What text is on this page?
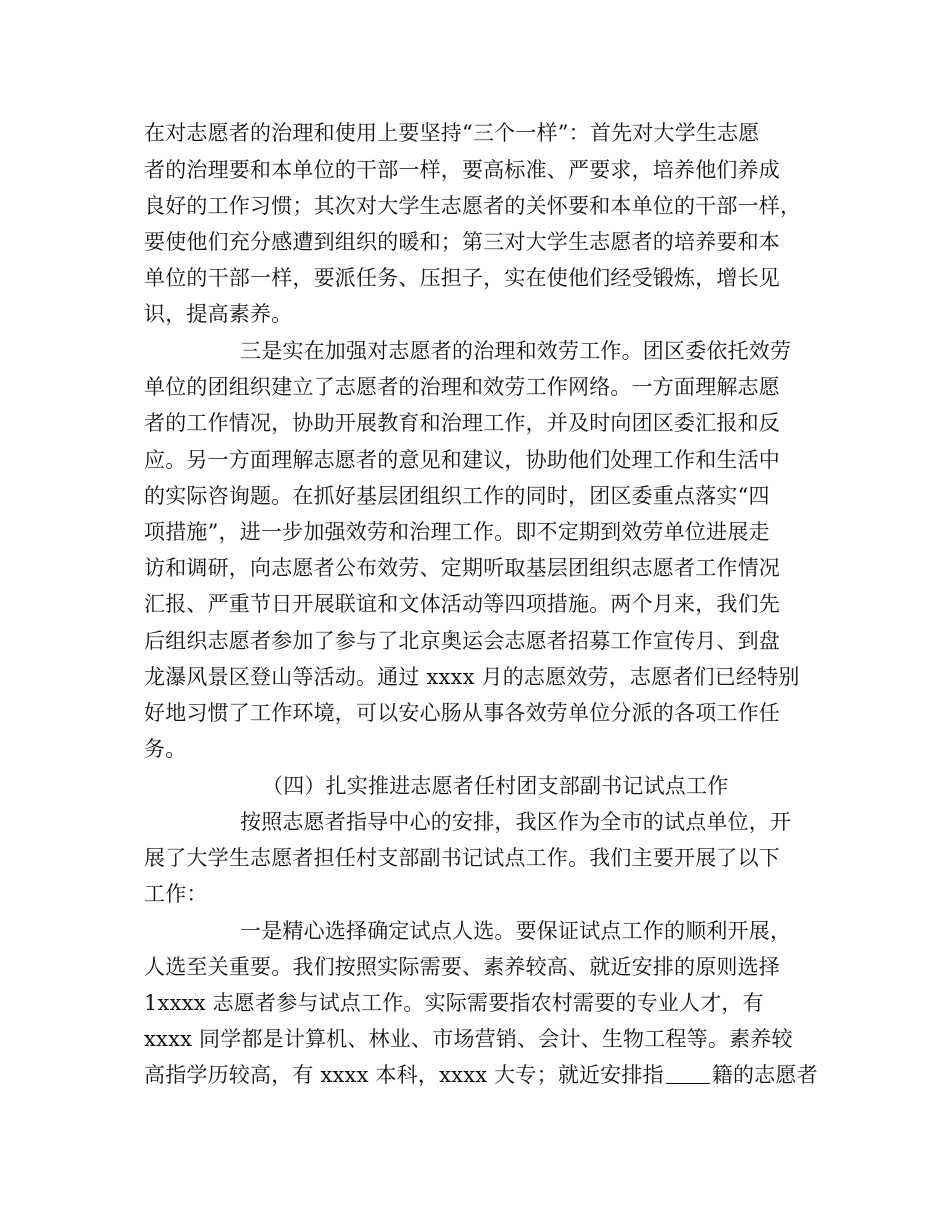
在对志愿者的治理和使用上要坚持“三个一样”：首先对大学生志愿
者的治理要和本单位的干部一样，要高标准、严要求，培养他们养成
良好的工作习惯；其次对大学生志愿者的关怀要和本单位的干部一样，
要使他们充分感遭到组织的暖和；第三对大学生志愿者的培养要和本
单位的干部一样，要派任务、压担子，实在使他们经受锻炼，增长见
识，提高素养。
三是实在加强对志愿者的治理和效劳工作。团区委依托效劳
单位的团组织建立了志愿者的治理和效劳工作网络。一方面理解志愿
者的工作情况，协助开展教育和治理工作，并及时向团区委汇报和反
应。另一方面理解志愿者的意见和建议，协助他们处理工作和生活中
的实际咨询题。在抓好基层团组织工作的同时，团区委重点落实“四
项措施”，进一步加强效劳和治理工作。即不定期到效劳单位进展走
访和调研，向志愿者公布效劳、定期听取基层团组织志愿者工作情况
汇报、严重节日开展联谊和文体活动等四项措施。两个月来，我们先
后组织志愿者参加了参与了北京奥运会志愿者招募工作宣传月、到盘
龙瀑风景区登山等活动。通过 xxxx 月的志愿效劳，志愿者们已经特别
好地习惯了工作环境，可以安心肠从事各效劳单位分派的各项工作任
务。
（四）扎实推进志愿者任村团支部副书记试点工作
按照志愿者指导中心的安排，我区作为全市的试点单位，开
展了大学生志愿者担任村支部副书记试点工作。我们主要开展了以下
工作：
一是精心选择确定试点人选。要保证试点工作的顺利开展，
人选至关重要。我们按照实际需要、素养较高、就近安排的原则选择
1xxxx 志愿者参与试点工作。实际需要指农村需要的专业人才，有
xxxx 同学都是计算机、林业、市场营销、会计、生物工程等。素养较
高指学历较高，有 xxxx 本科，xxxx 大专；就近安排指 籍的志愿者
